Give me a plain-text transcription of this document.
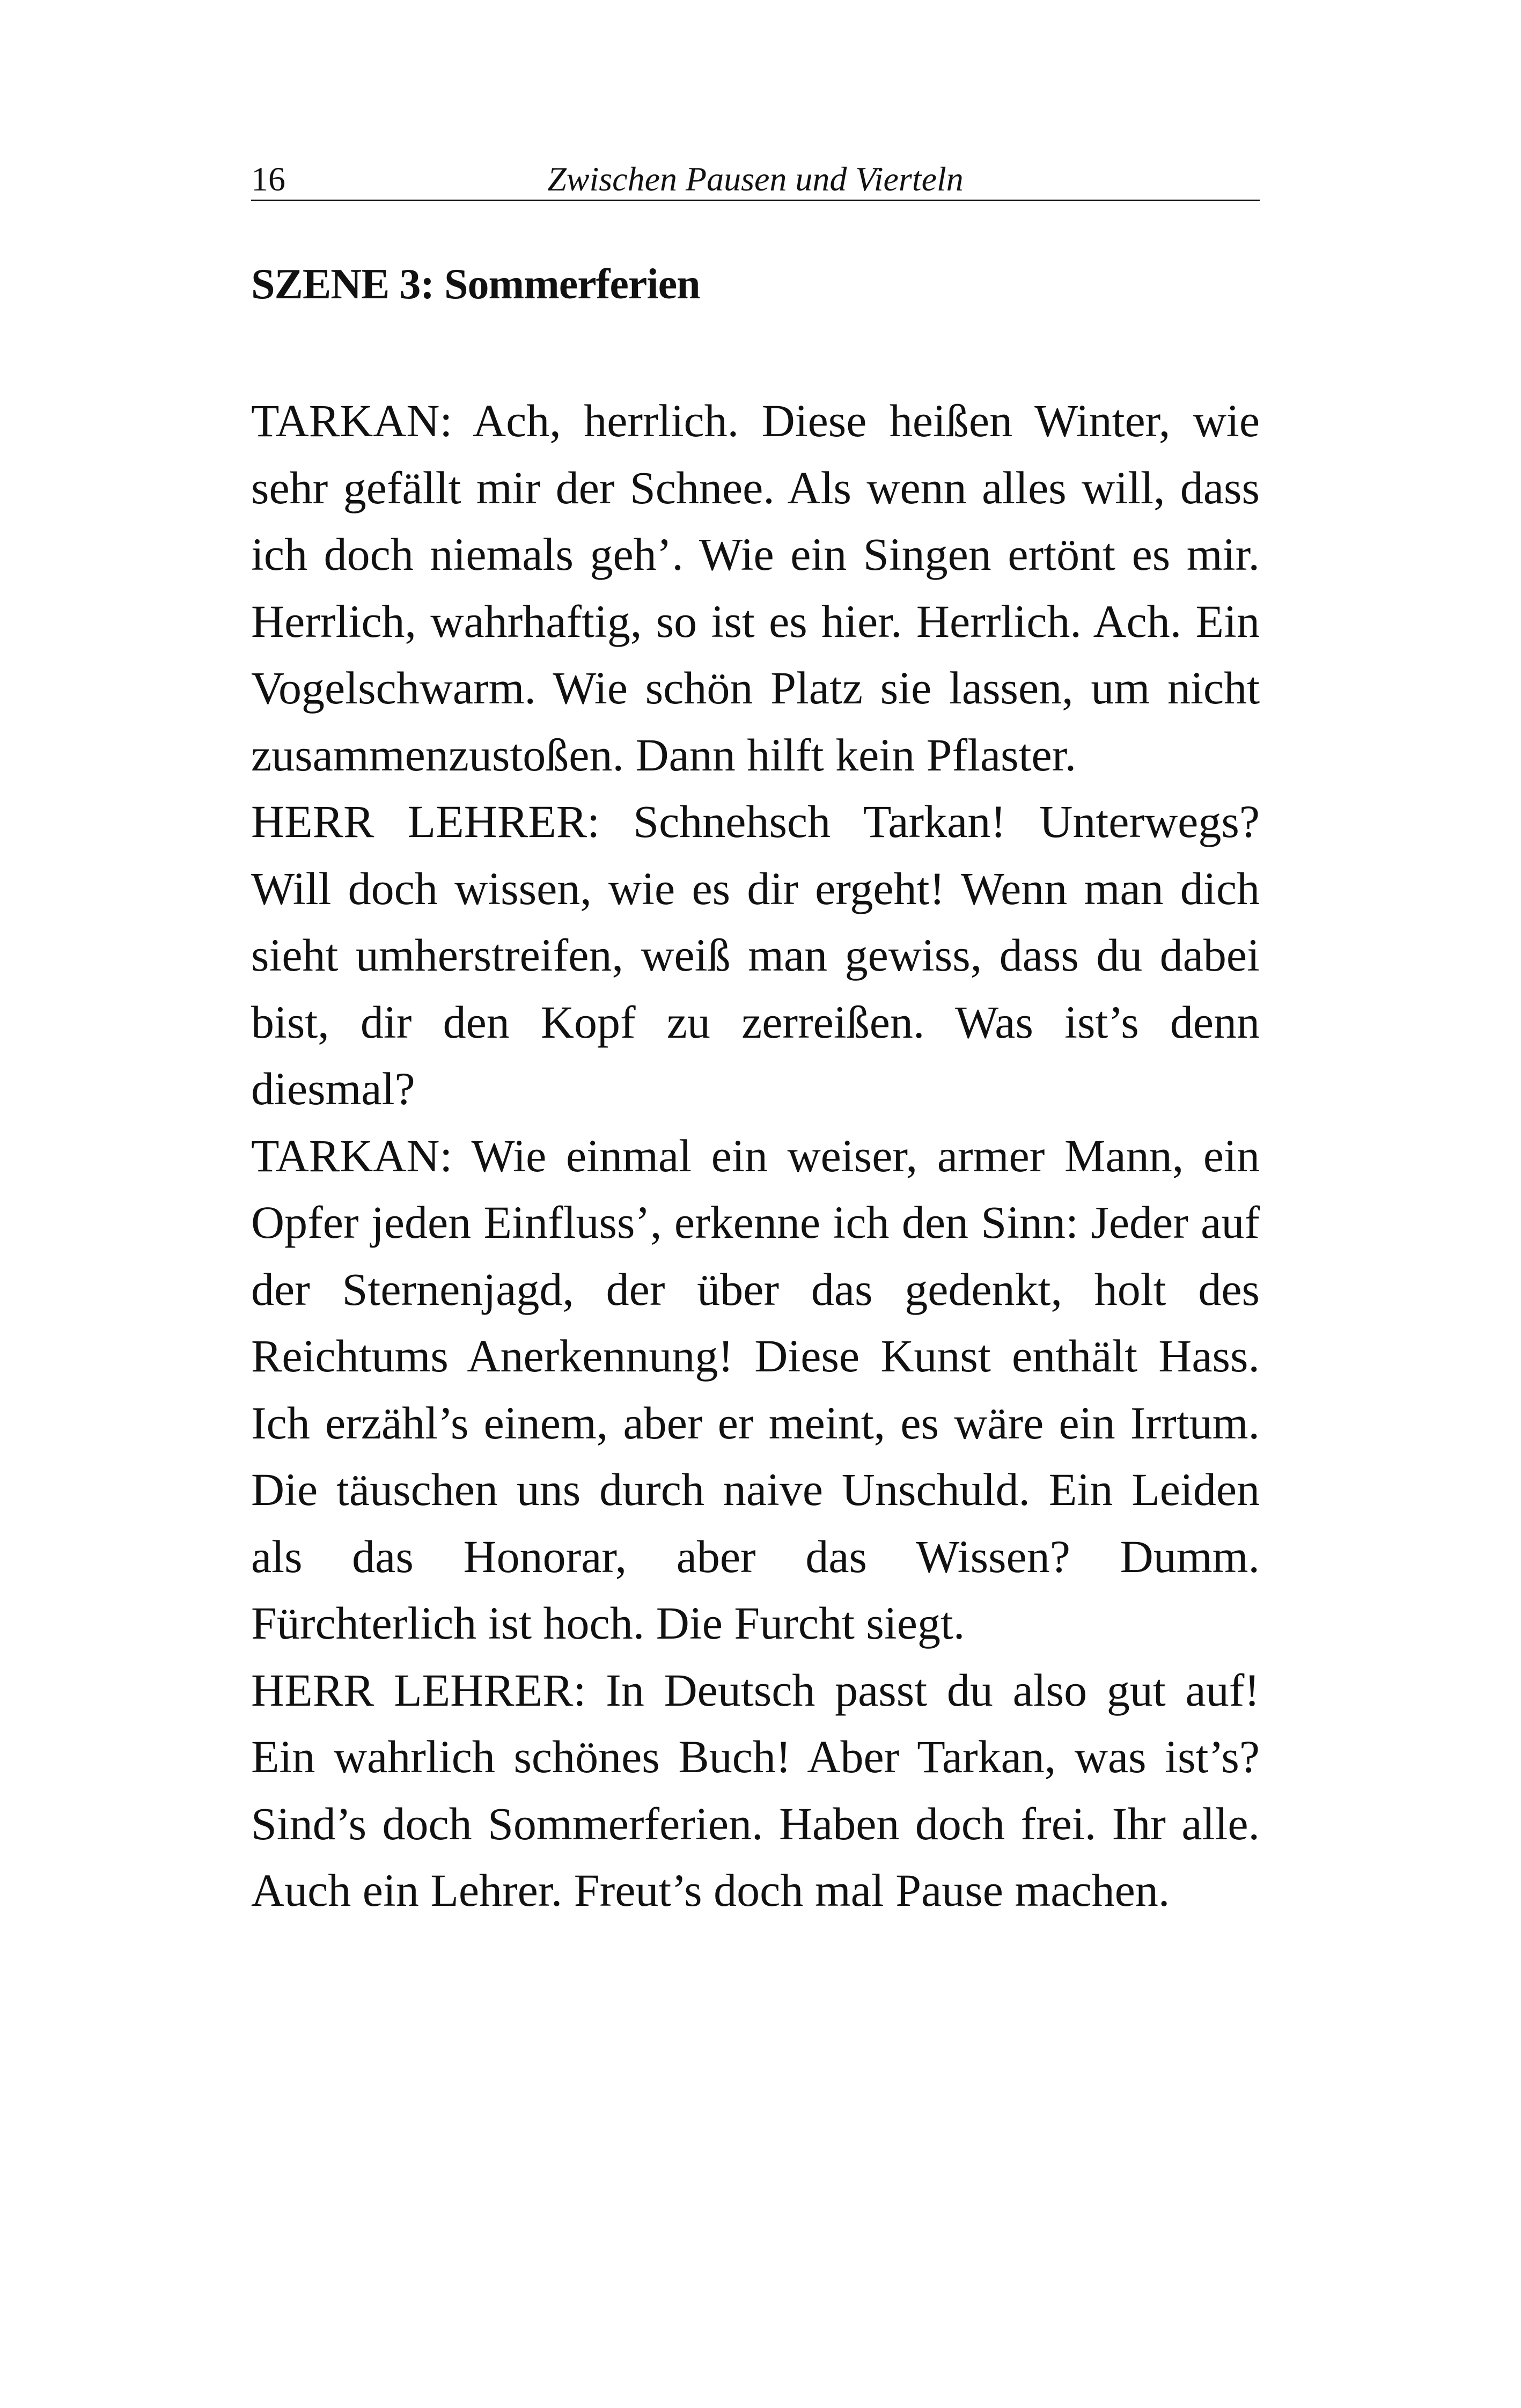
16	Zwischen Pausen und Vierteln
SZENE 3: Sommerferien

TARKAN: Ach, herrlich. Diese heißen Winter, wie sehr gefällt mir der Schnee. Als wenn alles will, dass ich doch niemals geh’. Wie ein Singen ertönt es mir. Herrlich, wahrhaftig, so ist es hier. Herrlich. Ach. Ein Vogelschwarm. Wie schön Platz sie lassen, um nicht zusammenzustoßen. Dann hilft kein Pflaster.

HERR LEHRER: Schnehsch Tarkan! Unterwegs? Will doch wissen, wie es dir ergeht! Wenn man dich sieht umherstreifen, weiß man gewiss, dass du dabei bist, dir den Kopf zu zerreißen. Was ist’s denn diesmal?

TARKAN: Wie einmal ein weiser, armer Mann, ein Opfer jeden Einfluss’, erkenne ich den Sinn: Jeder auf der Sternenjagd, der über das gedenkt, holt des Reichtums Anerkennung! Diese Kunst enthält Hass. Ich erzähl’s einem, aber er meint, es wäre ein Irrtum. Die täuschen uns durch naive Unschuld. Ein Leiden als das Honorar, aber das Wissen? Dumm. Fürchterlich ist hoch. Die Furcht siegt.

HERR LEHRER: In Deutsch passt du also gut auf! Ein wahrlich schönes Buch! Aber Tarkan, was ist’s? Sind’s doch Sommerferien. Haben doch frei. Ihr alle. Auch ein Lehrer. Freut’s doch mal Pause machen.
